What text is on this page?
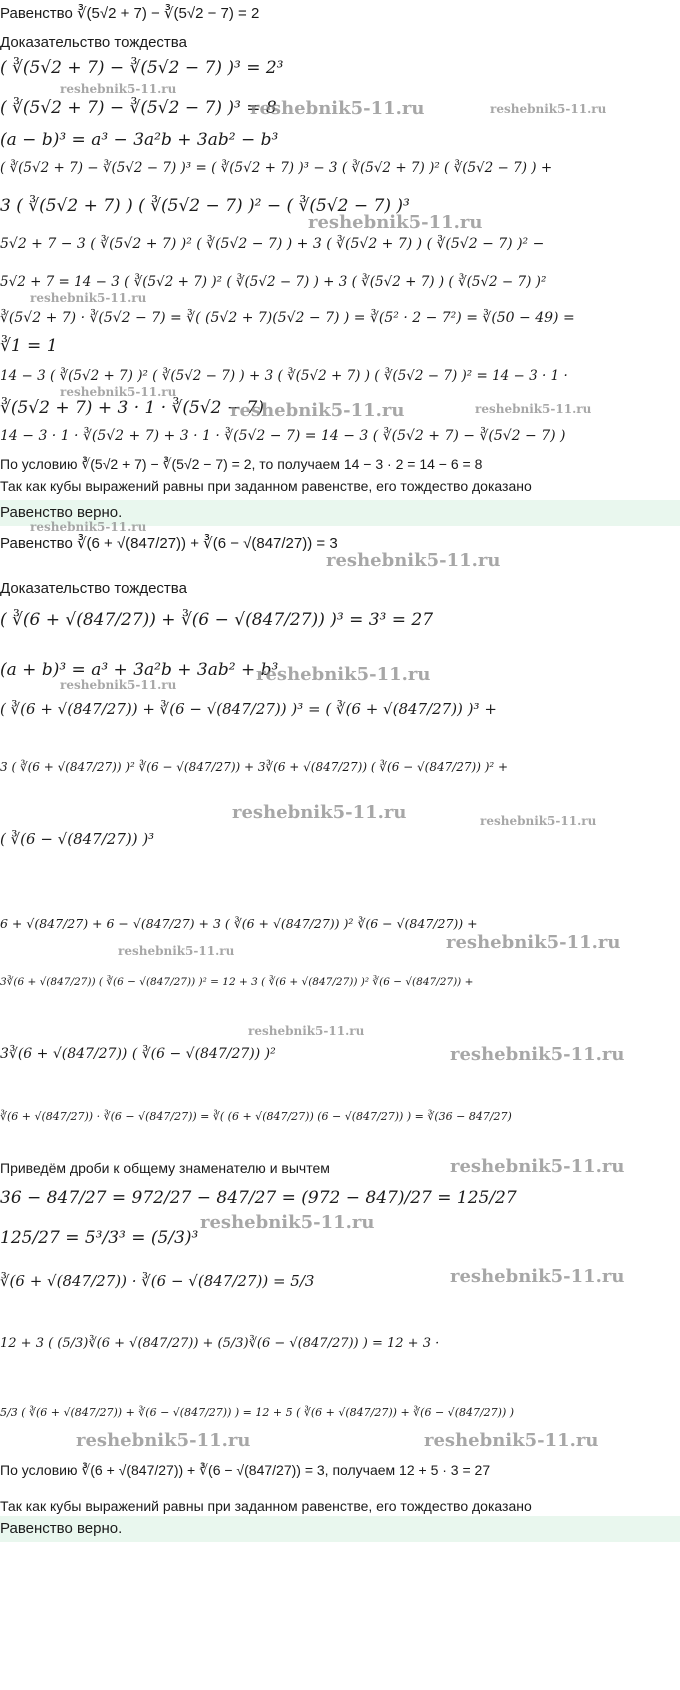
Равенство ∛(5√2 + 7) − ∛(5√2 − 7) = 2
Доказательство тождества
( ∛(5√2 + 7) − ∛(5√2 − 7) )³ = 2³
( ∛(5√2 + 7) − ∛(5√2 − 7) )³ = 8
(a − b)³ = a³ − 3a²b + 3ab² − b³
( ∛(5√2 + 7) − ∛(5√2 − 7) )³ = ( ∛(5√2 + 7) )³ − 3 ( ∛(5√2 + 7) )² ( ∛(5√2 − 7) ) +
3 ( ∛(5√2 + 7) ) ( ∛(5√2 − 7) )² − ( ∛(5√2 − 7) )³
5√2 + 7 − 3 ( ∛(5√2 + 7) )² ( ∛(5√2 − 7) ) + 3 ( ∛(5√2 + 7) ) ( ∛(5√2 − 7) )² −
5√2 + 7 = 14 − 3 ( ∛(5√2 + 7) )² ( ∛(5√2 − 7) ) + 3 ( ∛(5√2 + 7) ) ( ∛(5√2 − 7) )²
∛(5√2 + 7) · ∛(5√2 − 7) = ∛( (5√2 + 7)(5√2 − 7) ) = ∛(5² · 2 − 7²) = ∛(50 − 49) =
∛1 = 1
14 − 3 ( ∛(5√2 + 7) )² ( ∛(5√2 − 7) ) + 3 ( ∛(5√2 + 7) ) ( ∛(5√2 − 7) )² = 14 − 3 · 1 ·
∛(5√2 + 7) + 3 · 1 · ∛(5√2 − 7)
14 − 3 · 1 · ∛(5√2 + 7) + 3 · 1 · ∛(5√2 − 7) = 14 − 3 ( ∛(5√2 + 7) − ∛(5√2 − 7) )
По условию ∛(5√2 + 7) − ∛(5√2 − 7) = 2, то получаем 14 − 3 · 2 = 14 − 6 = 8
Так как кубы выражений равны при заданном равенстве, его тождество доказано
Равенство верно.
Равенство ∛(6 + √(847/27)) + ∛(6 − √(847/27)) = 3
Доказательство тождества
( ∛(6 + √(847/27)) + ∛(6 − √(847/27)) )³ = 3³ = 27
(a + b)³ = a³ + 3a²b + 3ab² + b³
( ∛(6 + √(847/27)) + ∛(6 − √(847/27)) )³ = ( ∛(6 + √(847/27)) )³ +
3 ( ∛(6 + √(847/27)) )² ∛(6 − √(847/27)) + 3∛(6 + √(847/27)) ( ∛(6 − √(847/27)) )² +
( ∛(6 − √(847/27)) )³
6 + √(847/27) + 6 − √(847/27) + 3 ( ∛(6 + √(847/27)) )² ∛(6 − √(847/27)) +
3∛(6 + √(847/27)) ( ∛(6 − √(847/27)) )² = 12 + 3 ( ∛(6 + √(847/27)) )² ∛(6 − √(847/27)) +
3∛(6 + √(847/27)) ( ∛(6 − √(847/27)) )²
∛(6 + √(847/27)) · ∛(6 − √(847/27)) = ∛( (6 + √(847/27)) (6 − √(847/27)) ) = ∛(36 − 847/27)
Приведём дроби к общему знаменателю и вычтем
36 − 847/27 = 972/27 − 847/27 = (972 − 847)/27 = 125/27
125/27 = 5³/3³ = (5/3)³
∛(6 + √(847/27)) · ∛(6 − √(847/27)) = 5/3
12 + 3 ( (5/3)∛(6 + √(847/27)) + (5/3)∛(6 − √(847/27)) ) = 12 + 3 ·
5/3 ( ∛(6 + √(847/27)) + ∛(6 − √(847/27)) ) = 12 + 5 ( ∛(6 + √(847/27)) + ∛(6 − √(847/27)) )
По условию ∛(6 + √(847/27)) + ∛(6 − √(847/27)) = 3, получаем 12 + 5 · 3 = 27
Так как кубы выражений равны при заданном равенстве, его тождество доказано
Равенство верно.
reshebnik5-11.ru
reshebnik5-11.ru
reshebnik5-11.ru
reshebnik5-11.ru
reshebnik5-11.ru
reshebnik5-11.ru
reshebnik5-11.ru	reshebnik5-11.ru
reshebnik5-11.ru
reshebnik5-11.ru
reshebnik5-11.ru
reshebnik5-11.ru
reshebnik5-11.ru	reshebnik5-11.ru
reshebnik5-11.ru	reshebnik5-11.ru
reshebnik5-11.ru
reshebnik5-11.ru
reshebnik5-11.ru
reshebnik5-11.ru
reshebnik5-11.ru
reshebnik5-11.ru	reshebnik5-11.ru
